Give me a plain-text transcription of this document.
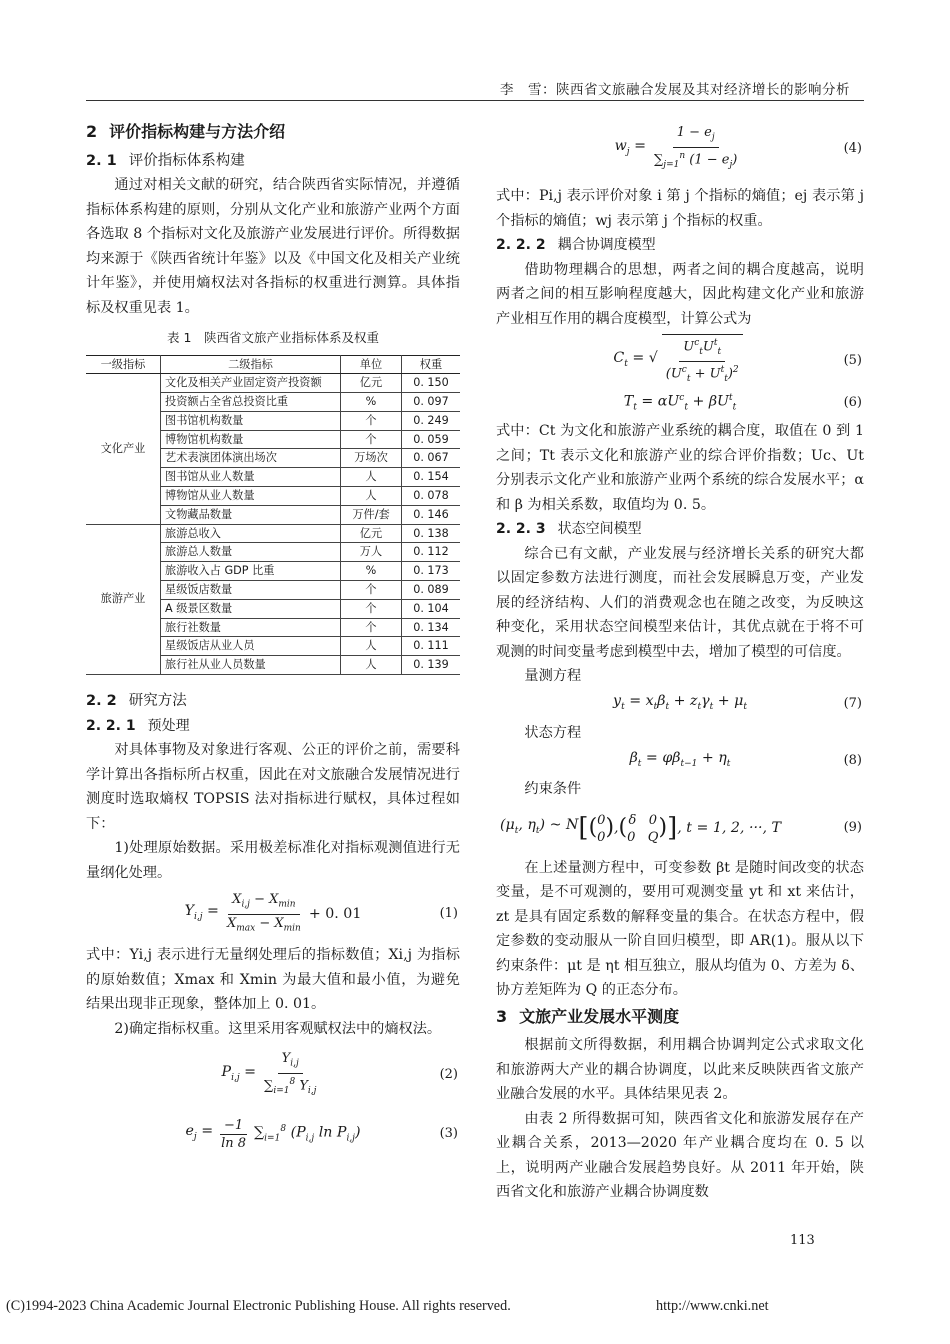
李　雪：陕西省文旅融合发展及其对经济增长的影响分析
2 评价指标构建与方法介绍
2. 1 评价指标体系构建

通过对相关文献的研究，结合陕西省实际情况，并遵循指标体系构建的原则，分别从文化产业和旅游产业两个方面各选取 8 个指标对文化及旅游产业发展进行评价。所得数据均来源于《陕西省统计年鉴》以及《中国文化及相关产业统计年鉴》，并使用熵权法对各指标的权重进行测算。具体指标及权重见表 1。

表 1　陕西省文旅产业指标体系及权重
一级指标	二级指标	单位	权重
文化产业	文化及相关产业固定资产投资额	亿元	0. 150
	投资额占全省总投资比重	%	0. 097
	图书馆机构数量	个	0. 249
	博物馆机构数量	个	0. 059
	艺术表演团体演出场次	万场次	0. 067
	图书馆从业人数量	人	0. 154
	博物馆从业人数量	人	0. 078
	文物藏品数量	万件/套	0. 146
旅游产业	旅游总收入	亿元	0. 138
	旅游总人数量	万人	0. 112
	旅游收入占 GDP 比重	%	0. 173
	星级饭店数量	个	0. 089
	A 级景区数量	个	0. 104
	旅行社数量	个	0. 134
	星级饭店从业人员	人	0. 111
	旅行社从业人员数量	人	0. 139
2. 2 研究方法
2. 2. 1 预处理

对具体事物及对象进行客观、公正的评价之前，需要科学计算出各指标所占权重，因此在对文旅融合发展情况进行测度时选取熵权 TOPSIS 法对指标进行赋权，具体过程如下：

1)处理原始数据。采用极差标准化对指标观测值进行无量纲化处理。

$Y_{i,j} = \frac{X_{i,j} - X_{min}}{X_{max} - X_{min}} + 0$. 01	(1)

式中：Yi,j 表示进行无量纲处理后的指标数值；Xi,j 为指标的原始数值；Xmax 和 Xmin 为最大值和最小值，为避免结果出现非正现象，整体加上 0. 01。

2)确定指标权重。这里采用客观赋权法中的熵权法。

$P_{i,j} = \frac{Y_{i,j}}{\sum_{i=1}^8 Y_{i,j}}$	(2)
$e_j = \frac{-1}{\ln 8} \sum_{i=1}^8$ ($P_{i,j}$ $\ln P_{i,j}$)	(3)
$w_j = \frac{1 - e_j}{\sum_{j=1}^n (1 - e_j)}$	(4)

式中：Pi,j 表示评价对象 i 第 j 个指标的熵值；ej 表示第 j 个指标的熵值；wj 表示第 j 个指标的权重。

2. 2. 2 耦合协调度模型

借助物理耦合的思想，两者之间的耦合度越高，说明两者之间的相互影响程度越大，因此构建文化产业和旅游产业相互作用的耦合度模型，计算公式为

$C_t$ = √ $\frac{U^c_tU^t_t}{(U^c_t + U^t_t)^2}$	(5)
$T_t = \alpha U^c_t + \beta U^t_t$	(6)

式中：Ct 为文化和旅游产业系统的耦合度，取值在 0 到 1 之间；Tt 表示文化和旅游产业的综合评价指数；Uc、Ut 分别表示文化产业和旅游产业两个系统的综合发展水平；α 和 β 为相关系数，取值均为 0. 5。

2. 2. 3 状态空间模型

综合已有文献，产业发展与经济增长关系的研究大都以固定参数方法进行测度，而社会发展瞬息万变，产业发展的经济结构、人们的消费观念也在随之改变，为反映这种变化，采用状态空间模型来估计，其优点就在于将不可观测的时间变量考虑到模型中去，增加了模型的可信度。

量测方程

$y_t = x_t\beta_t + z_t\gamma_t + \mu_t$	(7)

状态方程

$\beta_t = \varphi\beta_{t-1} + \eta_t$	(8)

约束条件

($\mu_t$, $\eta_t$) ~ N [ ( 0
0 ) , ( δ   0
0   Q ) ] , t = 1, 2, ···, T	(9)

在上述量测方程中，可变参数 βt 是随时间改变的状态变量，是不可观测的，要用可观测变量 yt 和 xt 来估计，zt 是具有固定系数的解释变量的集合。在状态方程中，假定参数的变动服从一阶自回归模型，即 AR(1)。服从以下约束条件：μt 是 ηt 相互独立，服从均值为 0、方差为 δ、协方差矩阵为 Q 的正态分布。

3 文旅产业发展水平测度

根据前文所得数据，利用耦合协调判定公式求取文化和旅游两大产业的耦合协调度，以此来反映陕西省文旅产业融合发展的水平。具体结果见表 2。

由表 2 所得数据可知，陕西省文化和旅游发展存在产业耦合关系，2013—2020 年产业耦合度均在 0. 5 以上，说明两产业融合发展趋势良好。从 2011 年开始，陕西省文化和旅游产业耦合协调度数

113
(C)1994-2023 China Academic Journal Electronic Publishing House. All rights reserved.	http://www.cnki.net
